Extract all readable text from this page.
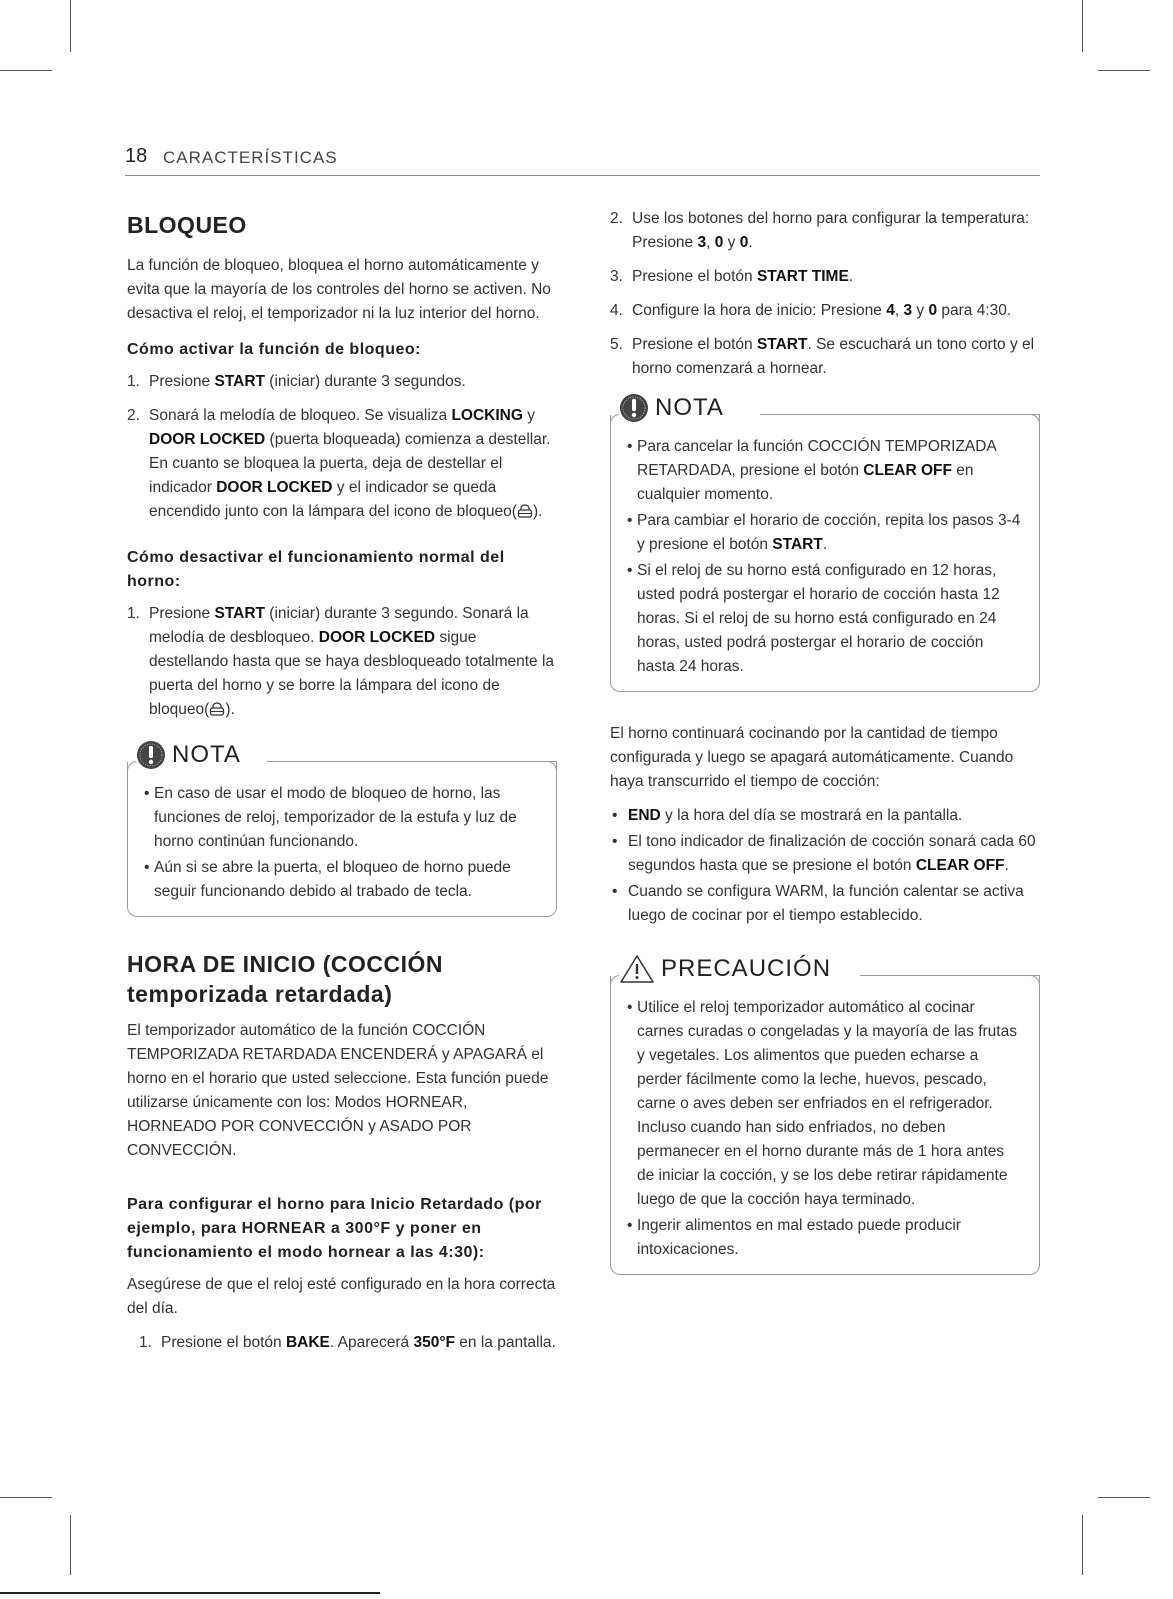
18 CARACTERÍSTICAS
BLOQUEO

La función de bloqueo, bloquea el horno automáticamente y evita que la mayoría de los controles del horno se activen. No desactiva el reloj, el temporizador ni la luz interior del horno.

Cómo activar la función de bloqueo:
1. Presione START (iniciar) durante 3 segundos.
2. Sonará la melodía de bloqueo. Se visualiza LOCKING y DOOR LOCKED (puerta bloqueada) comienza a destellar. En cuanto se bloquea la puerta, deja de destellar el indicador DOOR LOCKED y el indicador se queda encendido junto con la lámpara del icono de bloqueo( ).
Cómo desactivar el funcionamiento normal del horno:
1. Presione START (iniciar) durante 3 segundo. Sonará la melodía de desbloqueo. DOOR LOCKED sigue destellando hasta que se haya desbloqueado totalmente la puerta del horno y se borre la lámpara del icono de bloqueo( ).
NOTA
• En caso de usar el modo de bloqueo de horno, las funciones de reloj, temporizador de la estufa y luz de horno continúan funcionando.
• Aún si se abre la puerta, el bloqueo de horno puede seguir funcionando debido al trabado de tecla.
HORA DE INICIO (COCCIÓN
temporizada retardada)

El temporizador automático de la función COCCIÓN TEMPORIZADA RETARDADA ENCENDERÁ y APAGARÁ el horno en el horario que usted seleccione. Esta función puede utilizarse únicamente con los: Modos HORNEAR, HORNEADO POR CONVECCIÓN y ASADO POR CONVECCIÓN.

Para configurar el horno para Inicio Retardado (por ejemplo, para HORNEAR a 300°F y poner en funcionamiento el modo hornear a las 4:30):

Asegúrese de que el reloj esté configurado en la hora correcta del día.

1. Presione el botón BAKE. Aparecerá 350°F en la pantalla.
2. Use los botones del horno para configurar la temperatura: Presione 3, 0 y 0.
3. Presione el botón START TIME.
4. Configure la hora de inicio: Presione 4, 3 y 0 para 4:30.
5. Presione el botón START. Se escuchará un tono corto y el horno comenzará a hornear.
NOTA
• Para cancelar la función COCCIÓN TEMPORIZADA RETARDADA, presione el botón CLEAR OFF en cualquier momento.
• Para cambiar el horario de cocción, repita los pasos 3-4 y presione el botón START.
• Si el reloj de su horno está configurado en 12 horas, usted podrá postergar el horario de cocción hasta 12 horas. Si el reloj de su horno está configurado en 24 horas, usted podrá postergar el horario de cocción hasta 24 horas.

El horno continuará cocinando por la cantidad de tiempo configurada y luego se apagará automáticamente. Cuando haya transcurrido el tiempo de cocción:

• END y la hora del día se mostrará en la pantalla.
• El tono indicador de finalización de cocción sonará cada 60 segundos hasta que se presione el botón CLEAR OFF.
• Cuando se configura WARM, la función calentar se activa luego de cocinar por el tiempo establecido.
PRECAUCIÓN
• Utilice el reloj temporizador automático al cocinar carnes curadas o congeladas y la mayoría de las frutas y vegetales. Los alimentos que pueden echarse a perder fácilmente como la leche, huevos, pescado, carne o aves deben ser enfriados en el refrigerador. Incluso cuando han sido enfriados, no deben permanecer en el horno durante más de 1 hora antes de iniciar la cocción, y se los debe retirar rápidamente luego de que la cocción haya terminado.
• Ingerir alimentos en mal estado puede producir intoxicaciones.
